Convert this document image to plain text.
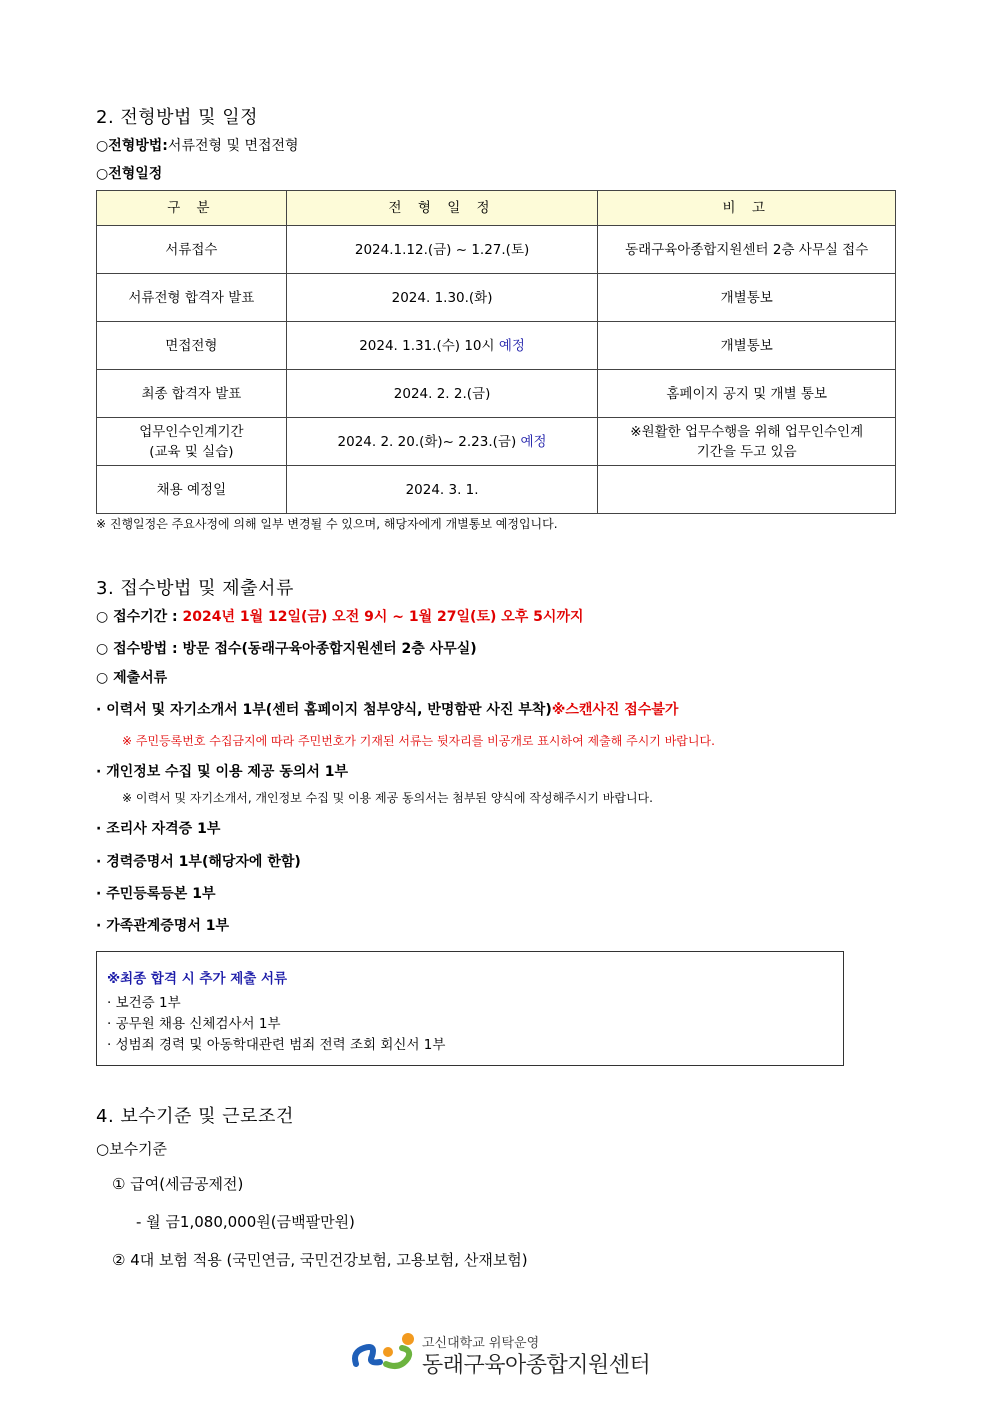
2. 전형방법 및 일정
○전형방법:서류전형 및 면접전형
○전형일정
구 분	전 형 일 정	비 고
서류접수	2024.1.12.(금) ~ 1.27.(토)	동래구육아종합지원센터 2층 사무실 접수
서류전형 합격자 발표	2024. 1.30.(화)	개별통보
면접전형	2024. 1.31.(수) 10시 예정	개별통보
최종 합격자 발표	2024. 2. 2.(금)	홈페이지 공지 및 개별 통보
업무인수인계기간
(교육 및 실습)	2024. 2. 20.(화)~ 2.23.(금) 예정	※원활한 업무수행을 위해 업무인수인계
기간을 두고 있음
채용 예정일	2024. 3. 1.	
※ 진행일정은 주요사정에 의해 일부 변경될 수 있으며, 해당자에게 개별통보 예정입니다.
3. 접수방법 및 제출서류
○ 접수기간 : 2024년 1월 12일(금) 오전 9시 ~ 1월 27일(토) 오후 5시까지
○ 접수방법 : 방문 접수(동래구육아종합지원센터 2층 사무실)
○ 제출서류
· 이력서 및 자기소개서 1부(센터 홈페이지 첨부양식, 반명함판 사진 부착)※스캔사진 접수불가
※ 주민등록번호 수집금지에 따라 주민번호가 기재된 서류는 뒷자리를 비공개로 표시하여 제출해 주시기 바랍니다.
· 개인정보 수집 및 이용 제공 동의서 1부
※ 이력서 및 자기소개서, 개인정보 수집 및 이용 제공 동의서는 첨부된 양식에 작성해주시기 바랍니다.
· 조리사 자격증 1부
· 경력증명서 1부(해당자에 한함)
· 주민등록등본 1부
· 가족관계증명서 1부
※최종 합격 시 추가 제출 서류
· 보건증 1부
· 공무원 채용 신체검사서 1부
· 성범죄 경력 및 아동학대관련 범죄 전력 조회 회신서 1부
4. 보수기준 및 근로조건
○보수기준
① 급여(세금공제전)
- 월 금1,080,000원(금백팔만원)
② 4대 보험 적용 (국민연금, 국민건강보험, 고용보험, 산재보험)
고신대학교 위탁운영
동래구육아종합지원센터
